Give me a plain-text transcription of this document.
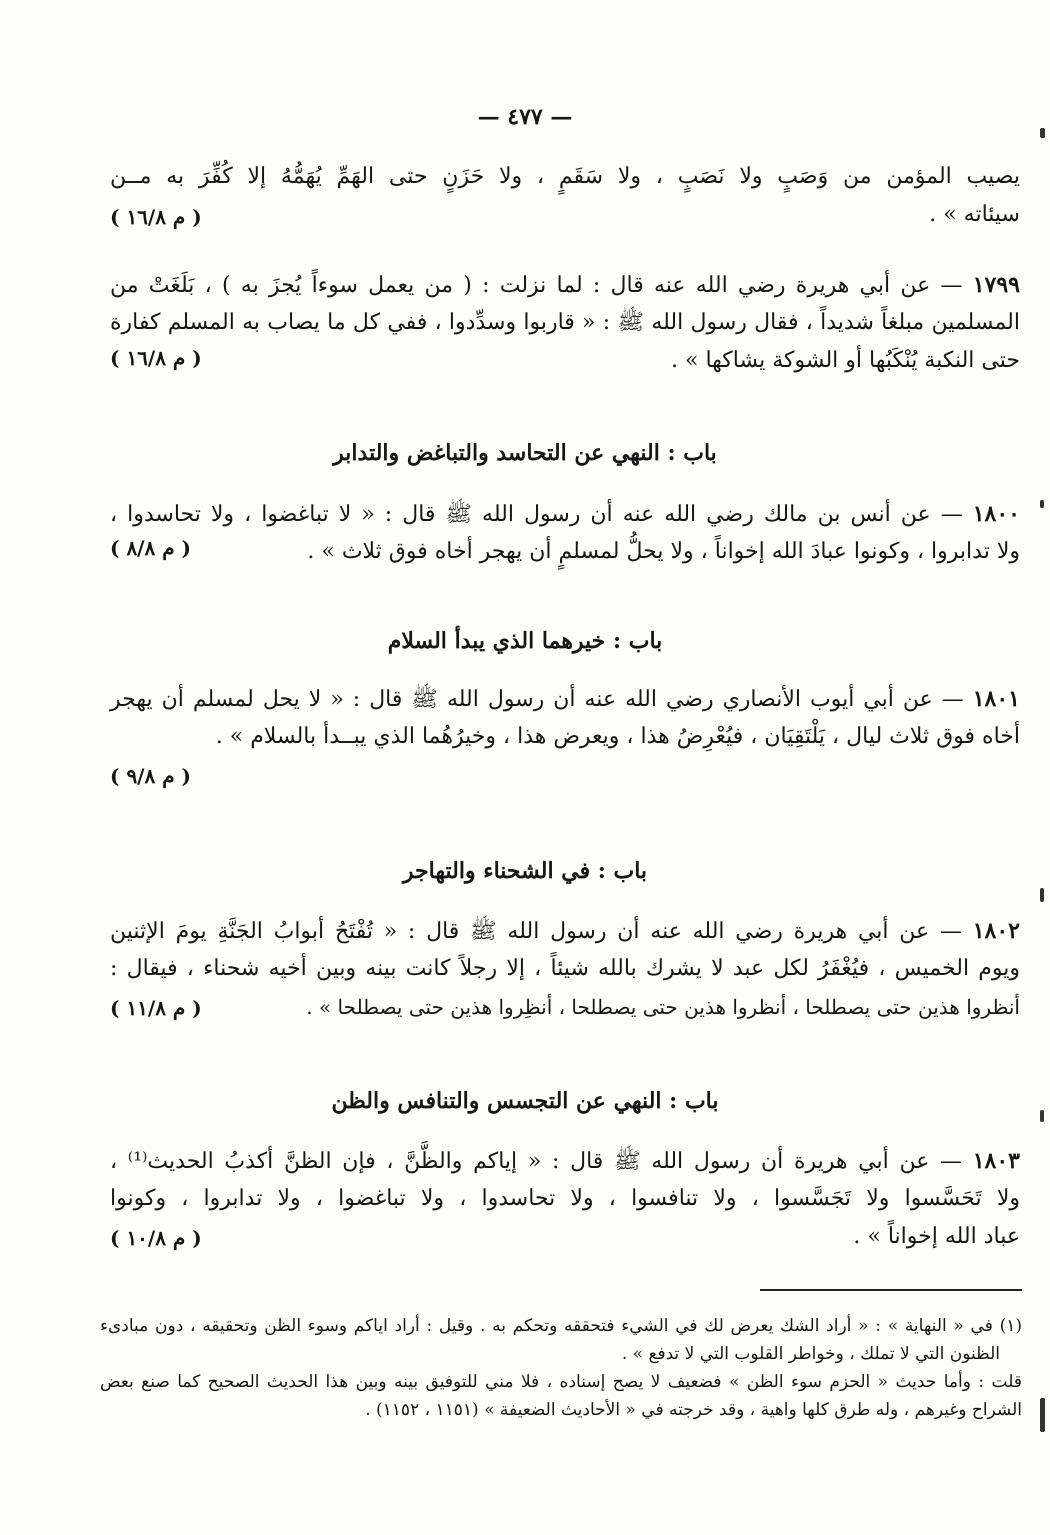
— ٤٧٧ —
يصيب المؤمن من وَصَبٍ ولا نَصَبٍ ، ولا سَقَمٍ ، ولا حَزَنٍ حتى الهَمِّ يُهَمُّهُ إلا كُفِّرَ به مــن
سيئاته » .
( م ١٦/٨ )
١٧٩٩ — عن أبي هريرة رضي الله عنه قال : لما نزلت : ( من يعمل سوءاً يُجزَ به ) ، بَلَغَتْ من
المسلمين مبلغاً شديداً ، فقال رسول الله ﷺ : « قاربوا وسدِّدوا ، ففي كل ما يصاب به المسلم كفارة
حتى النكبة يُنْكَبُها أو الشوكة يشاكها » .
( م ١٦/٨ )
باب : النهي عن التحاسد والتباغض والتدابر
١٨٠٠ — عن أنس بن مالك رضي الله عنه أن رسول الله ﷺ قال : « لا تباغضوا ، ولا تحاسدوا ،
ولا تدابروا ، وكونوا عبادَ الله إخواناً ، ولا يحلُّ لمسلمٍ أن يهجر أخاه فوق ثلاث » .
( م ٨/٨ )
باب : خيرهما الذي يبدأ السلام
١٨٠١ — عن أبي أيوب الأنصاري رضي الله عنه أن رسول الله ﷺ قال : « لا يحل لمسلم أن يهجر
أخاه فوق ثلاث ليال ، يَلْتَقِيَان ، فيُعْرِضُ هذا ، ويعرض هذا ، وخيرُهُما الذي يبــدأ بالسلام » .
( م ٩/٨ )
باب : في الشحناء والتهاجر
١٨٠٢ — عن أبي هريرة رضي الله عنه أن رسول الله ﷺ قال : « تُفْتَحُ أبوابُ الجَنَّةِ يومَ الإثنين
ويوم الخميس ، فيُغْفَرُ لكل عبد لا يشرك بالله شيئاً ، إلا رجلاً كانت بينه وبين أخيه شحناء ، فيقال :
أنظروا هذين حتى يصطلحا ، أنظروا هذين حتى يصطلحا ، أنظِروا هذين حتى يصطلحا » .
( م ١١/٨ )
باب : النهي عن التجسس والتنافس والظن
١٨٠٣ — عن أبي هريرة أن رسول الله ﷺ قال : « إياكم والظَّنَّ ، فإن الظنَّ أكذبُ الحديث⁽¹⁾ ،
ولا تَحَسَّسوا ولا تَجَسَّسوا ، ولا تنافسوا ، ولا تحاسدوا ، ولا تباغضوا ، ولا تدابروا ، وكونوا
عباد الله إخواناً » .
( م ١٠/٨ )
(١) في « النهاية » : « أراد الشك يعرض لك في الشيء فتحققه وتحكم به . وقيل : أراد اياكم وسوء الظن وتحقيقه ، دون مبادىء
الظنون التي لا تملك ، وخواطر القلوب التي لا تدفع » .
قلت : وأما حديث « الحزم سوء الظن » فضعيف لا يصح إسناده ، فلا مني للتوفيق بينه وبين هذا الحديث الصحيح كما صنع بعض
الشراح وغيرهم ، وله طرق كلها واهية ، وقد خرجته في « الأحاديث الضعيفة » (١١٥١ ، ١١٥٢) .
